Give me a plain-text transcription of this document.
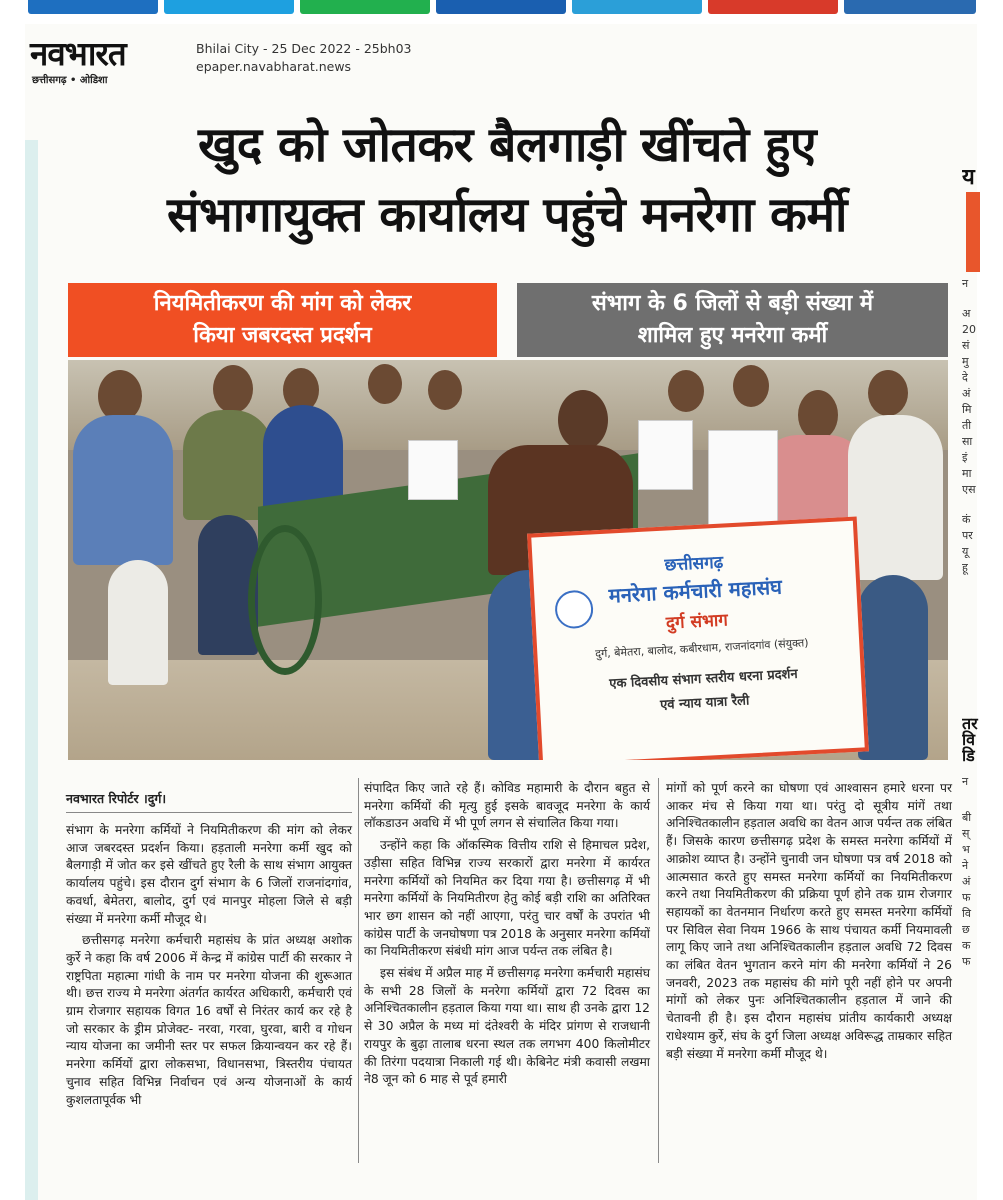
नवभारत
छत्तीसगढ़ • ओडिशा
Bhilai City - 25 Dec 2022 - 25bh03
epaper.navabharat.news
खुद को जोतकर बैलगाड़ी खींचते हुए
संभागायुक्त कार्यालय पहुंचे मनरेगा कर्मी
नियमितीकरण की मांग को लेकर
किया जबरदस्त प्रदर्शन
संभाग के 6 जिलों से बड़ी संख्या में
शामिल हुए मनरेगा कर्मी
छत्तीसगढ़
मनरेगा कर्मचारी महासंघ
दुर्ग संभाग
दुर्ग, बेमेतरा, बालोद, कबीरधाम, राजनांदगांव (संयुक्त)
एक दिवसीय संभाग स्तरीय धरना प्रदर्शन
एवं न्याय यात्रा रैली
नवभारत रिपोर्टर ।दुर्ग।

संभाग के मनरेगा कर्मियों ने नियमितीकरण की मांग को लेकर आज जबरदस्त प्रदर्शन किया। हड़ताली मनरेगा कर्मी खुद को बैलगाड़ी में जोत कर इसे खींचते हुए रैली के साथ संभाग आयुक्त कार्यालय पहुंचे। इस दौरान दुर्ग संभाग के 6 जिलों राजनांदगांव, कवर्धा, बेमेतरा, बालोद, दुर्ग एवं मानपुर मोहला जिले से बड़ी संख्या में मनरेगा कर्मी मौजूद थे।

छत्तीसगढ़ मनरेगा कर्मचारी महासंघ के प्रांत अध्यक्ष अशोक कुर्रे ने कहा कि वर्ष 2006 में केन्द्र में कांग्रेस पार्टी की सरकार ने राष्ट्रपिता महात्मा गांधी के नाम पर मनरेगा योजना की शुरूआत थी। छत्त राज्य मे मनरेगा अंतर्गत कार्यरत अधिकारी, कर्मचारी एवं ग्राम रोजगार सहायक विगत 16 वर्षों से निरंतर कार्य कर रहे है जो सरकार के ड्रीम प्रोजेक्ट- नरवा, गरवा, घुरवा, बारी व गोधन न्याय योजना का जमीनी स्तर पर सफल क्रियान्वयन कर रहे हैं। मनरेगा कर्मियों द्वारा लोकसभा, विधानसभा, त्रिस्तरीय पंचायत चुनाव सहित विभिन्न निर्वाचन एवं अन्य योजनाओं के कार्य कुशलतापूर्वक भी

संपादित किए जाते रहे हैं। कोविड महामारी के दौरान बहुत से मनरेगा कर्मियों की मृत्यु हुई इसके बावजूद मनरेगा के कार्य लॉकडाउन अवधि में भी पूर्ण लगन से संचालित किया गया।

उन्होंने कहा कि ऑकस्मिक वित्तीय राशि से हिमाचल प्रदेश, उड़ीसा सहित विभिन्न राज्य सरकारों द्वारा मनरेगा में कार्यरत मनरेगा कर्मियों को नियमित कर दिया गया है। छत्तीसगढ़ में भी मनरेगा कर्मियों के नियमितीरण हेतु कोई बड़ी राशि का अतिरिक्त भार छग शासन को नहीं आएगा, परंतु चार वर्षों के उपरांत भी कांग्रेस पार्टी के जनघोषणा पत्र 2018 के अनुसार मनरेगा कर्मियों का नियमितीकरण संबंधी मांग आज पर्यन्त तक लंबित है।

इस संबंध में अप्रैल माह में छत्तीसगढ़ मनरेगा कर्मचारी महासंघ के सभी 28 जिलों के मनरेगा कर्मियों द्वारा 72 दिवस का अनिश्चितकालीन हड़ताल किया गया था। साथ ही उनके द्वारा 12 से 30 अप्रैल के मध्य मां दंतेश्वरी के मंदिर प्रांगण से राजधानी रायपुर के बुढ़ा तालाब धरना स्थल तक लगभग 400 किलोमीटर की तिरंगा पदयात्रा निकाली गई थी। केबिनेट मंत्री कवासी लखमा ने8 जून को 6 माह से पूर्व हमारी

मांगों को पूर्ण करने का घोषणा एवं आश्वासन हमारे धरना पर आकर मंच से किया गया था। परंतु दो सूत्रीय मांगें तथा अनिश्चितकालीन हड़ताल अवधि का वेतन आज पर्यन्त तक लंबित हैं। जिसके कारण छत्तीसगढ़ प्रदेश के समस्त मनरेगा कर्मियों में आक्रोश व्याप्त है। उन्होंने चुनावी जन घोषणा पत्र वर्ष 2018 को आत्मसात करते हुए समस्त मनरेगा कर्मियों का नियमितीकरण करने तथा नियमितीकरण की प्रक्रिया पूर्ण होने तक ग्राम रोजगार सहायकों का वेतनमान निर्धारण करते हुए समस्त मनरेगा कर्मियों पर सिविल सेवा नियम 1966 के साथ पंचायत कर्मी नियमावली लागू किए जाने तथा अनिश्चितकालीन हड़ताल अवधि 72 दिवस का लंबित वेतन भुगतान करने मांग की मनरेगा कर्मियों ने 26 जनवरी, 2023 तक महासंघ की मांगे पूरी नहीं होने पर अपनी मांगों को लेकर पुनः अनिश्चितकालीन हड़ताल में जाने की चेतावनी ही है। इस दौरान महासंघ प्रांतीय कार्यकारी अध्यक्ष राधेश्याम कुर्रे, संघ के दुर्ग जिला अध्यक्ष अविरूद्ध ताम्रकार सहित बड़ी संख्या में मनरेगा कर्मी मौजूद थे।

य
न
अ
20
सं
मु
दे
अं
मि
ती
सा
इं
मा
एस
कं
पर
यू
हू
तर
वि
डि
न
बी
स्
भ
ने
अं
फ
वि
छ
क
फ
